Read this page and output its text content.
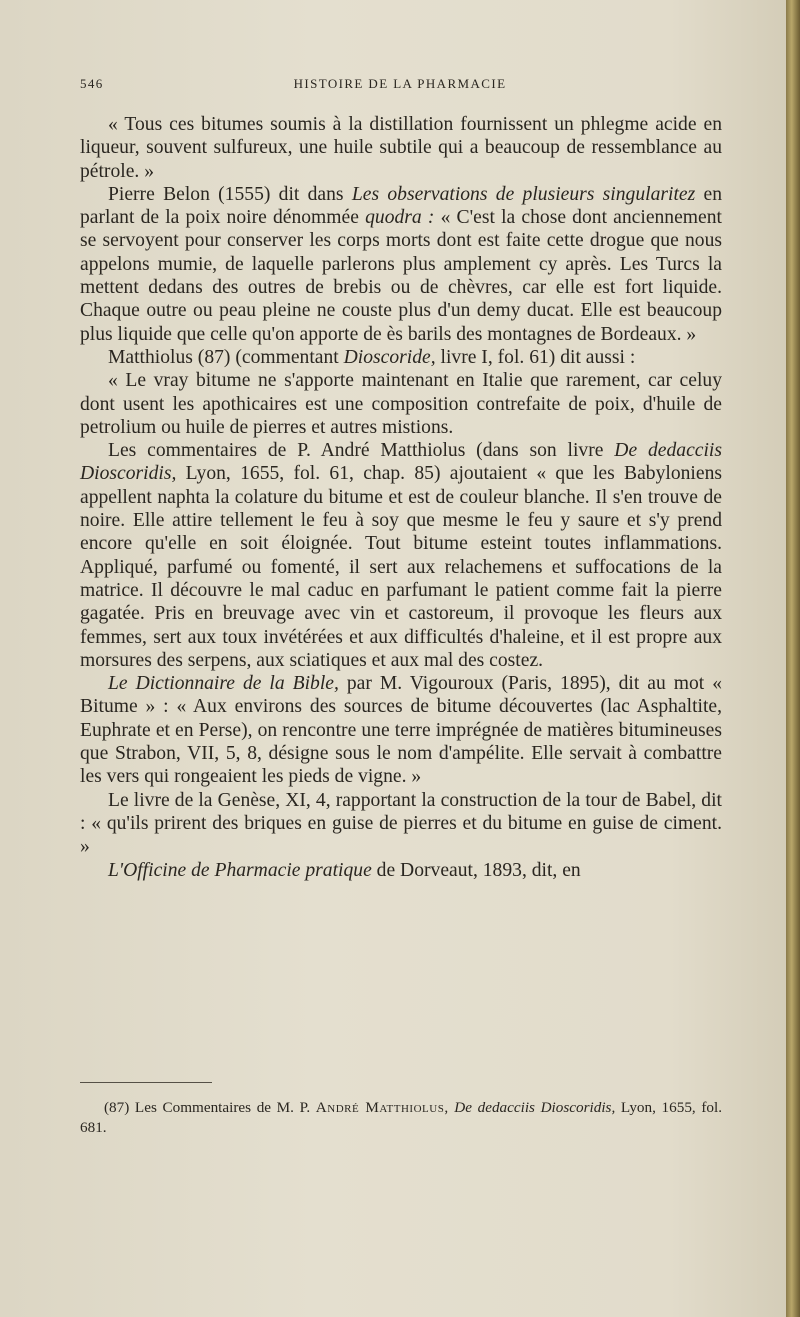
546	HISTOIRE DE LA PHARMACIE

« Tous ces bitumes soumis à la distillation fournissent un phlegme acide en liqueur, souvent sulfureux, une huile subtile qui a beaucoup de ressemblance au pétrole. »

Pierre Belon (1555) dit dans Les observations de plusieurs singularitez en parlant de la poix noire dénommée quodra : « C'est la chose dont anciennement se servoyent pour conserver les corps morts dont est faite cette drogue que nous appelons mumie, de laquelle parlerons plus amplement cy après. Les Turcs la mettent dedans des outres de brebis ou de chèvres, car elle est fort liquide. Chaque outre ou peau pleine ne couste plus d'un demy ducat. Elle est beaucoup plus liquide que celle qu'on apporte de ès barils des montagnes de Bordeaux. »

Matthiolus (87) (commentant Dioscoride, livre I, fol. 61) dit aussi :

« Le vray bitume ne s'apporte maintenant en Italie que rarement, car celuy dont usent les apothicaires est une composition contrefaite de poix, d'huile de petrolium ou huile de pierres et autres mistions.

Les commentaires de P. André Matthiolus (dans son livre De dedacciis Dioscoridis, Lyon, 1655, fol. 61, chap. 85) ajoutaient « que les Babyloniens appellent naphta la colature du bitume et est de couleur blanche. Il s'en trouve de noire. Elle attire tellement le feu à soy que mesme le feu y saure et s'y prend encore qu'elle en soit éloignée. Tout bitume esteint toutes inflammations. Appliqué, parfumé ou fomenté, il sert aux relachemens et suffocations de la matrice. Il découvre le mal caduc en parfumant le patient comme fait la pierre gagatée. Pris en breuvage avec vin et castoreum, il provoque les fleurs aux femmes, sert aux toux invétérées et aux difficultés d'haleine, et il est propre aux morsures des serpens, aux sciatiques et aux mal des costez.

Le Dictionnaire de la Bible, par M. Vigouroux (Paris, 1895), dit au mot « Bitume » : « Aux environs des sources de bitume découvertes (lac Asphaltite, Euphrate et en Perse), on rencontre une terre imprégnée de matières bitumineuses que Strabon, VII, 5, 8, désigne sous le nom d'ampélite. Elle servait à combattre les vers qui rongeaient les pieds de vigne. »

Le livre de la Genèse, XI, 4, rapportant la construction de la tour de Babel, dit : « qu'ils prirent des briques en guise de pierres et du bitume en guise de ciment. »

L'Officine de Pharmacie pratique de Dorveaut, 1893, dit, en

(87) Les Commentaires de M. P. André Matthiolus, De dedacciis Dioscoridis, Lyon, 1655, fol. 681.
